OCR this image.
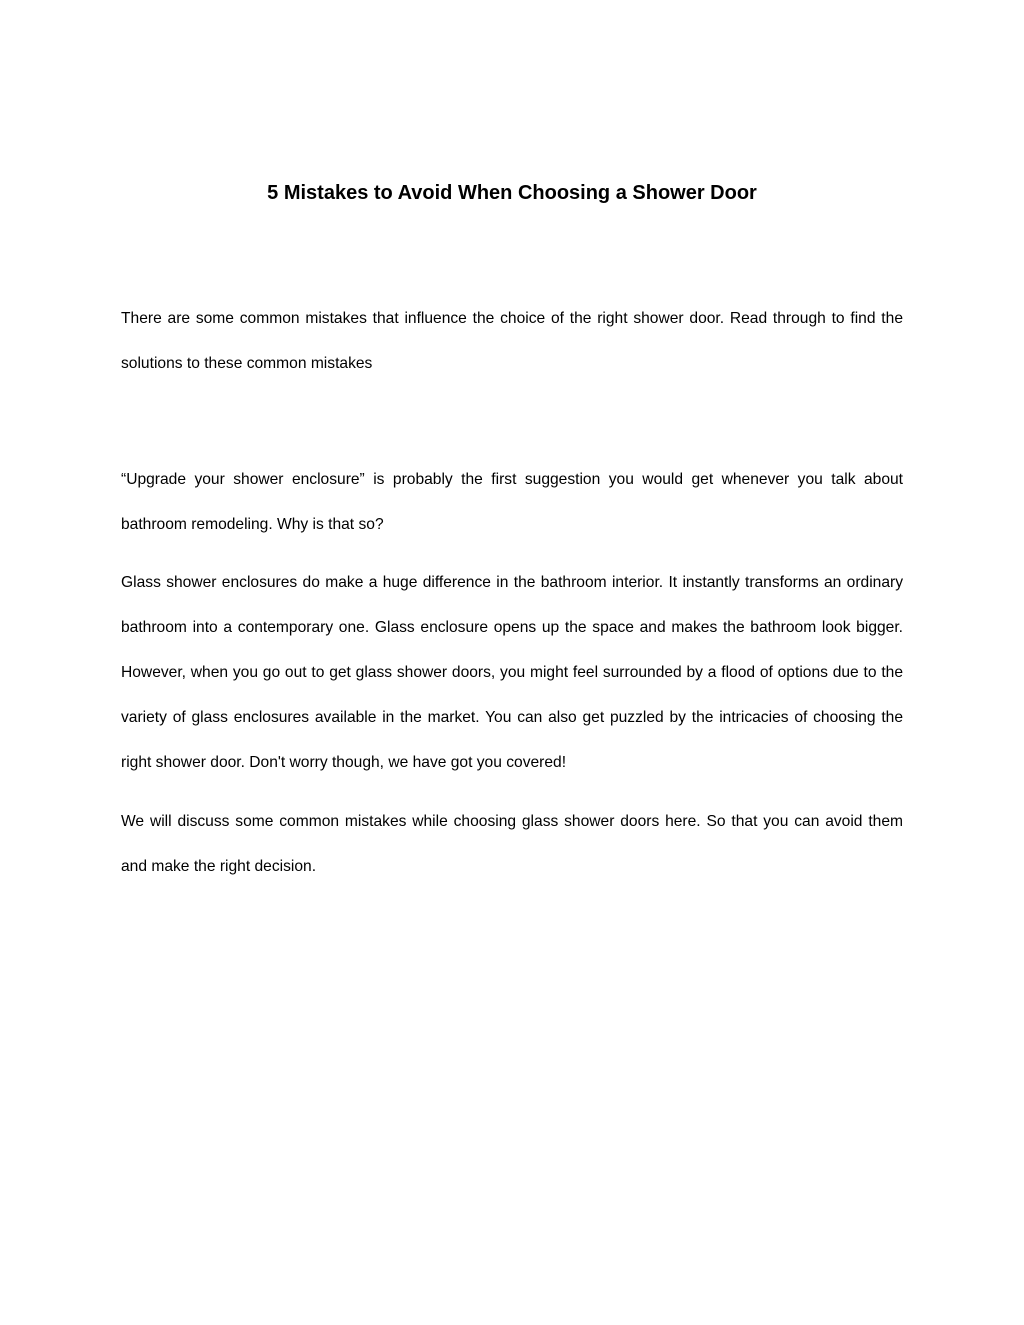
5 Mistakes to Avoid When Choosing a Shower Door

There are some common mistakes that influence the choice of the right shower door. Read through to find the solutions to these common mistakes

“Upgrade your shower enclosure” is probably the first suggestion you would get whenever you talk about bathroom remodeling. Why is that so?

Glass shower enclosures do make a huge difference in the bathroom interior. It instantly transforms an ordinary bathroom into a contemporary one. Glass enclosure opens up the space and makes the bathroom look bigger. However, when you go out to get glass shower doors, you might feel surrounded by a flood of options due to the variety of glass enclosures available in the market. You can also get puzzled by the intricacies of choosing the right shower door. Don't worry though, we have got you covered!

We will discuss some common mistakes while choosing glass shower doors here. So that you can avoid them and make the right decision.
